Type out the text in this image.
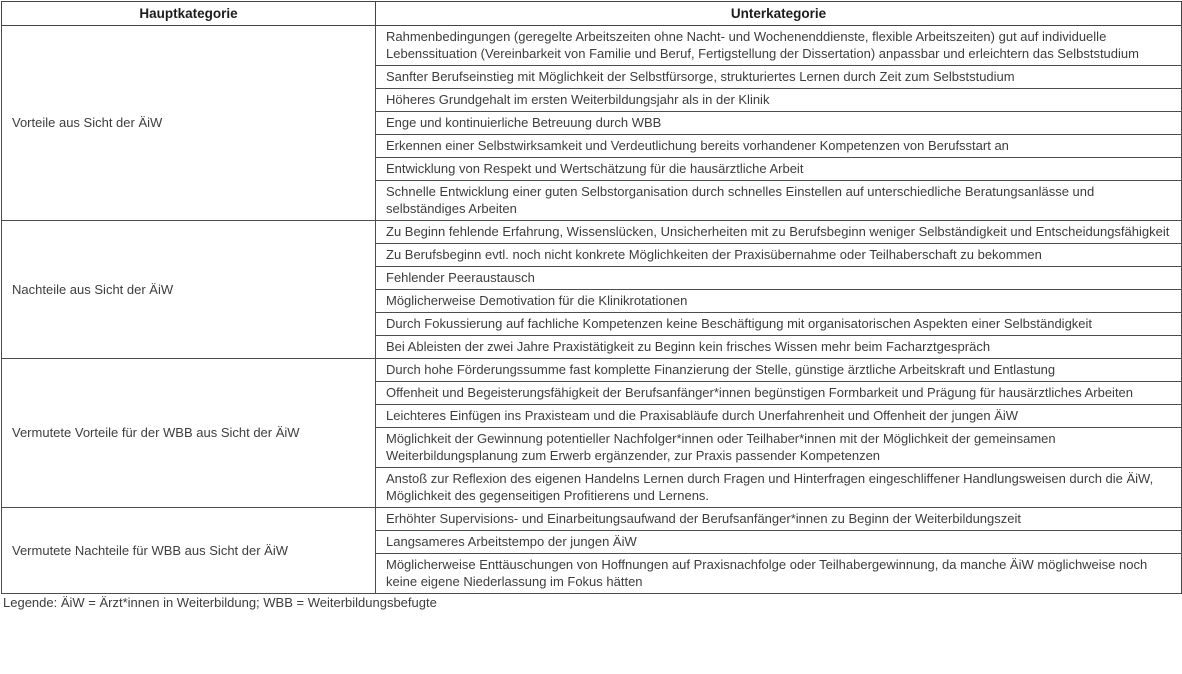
Hauptkategorie	Unterkategorie
Vorteile aus Sicht der ÄiW	Rahmenbedingungen (geregelte Arbeitszeiten ohne Nacht- und Wochenenddienste, flexible Arbeitszeiten) gut auf individuelle Lebenssituation (Vereinbarkeit von Familie und Beruf, Fertigstellung der Dissertation) anpassbar und erleichtern das Selbststudium
	Sanfter Berufseinstieg mit Möglichkeit der Selbstfürsorge, strukturiertes Lernen durch Zeit zum Selbststudium
	Höheres Grundgehalt im ersten Weiterbildungsjahr als in der Klinik
	Enge und kontinuierliche Betreuung durch WBB
	Erkennen einer Selbstwirksamkeit und Verdeutlichung bereits vorhandener Kompetenzen von Berufsstart an
	Entwicklung von Respekt und Wertschätzung für die hausärztliche Arbeit
	Schnelle Entwicklung einer guten Selbstorganisation durch schnelles Einstellen auf unterschiedliche Beratungsanlässe und selbständiges Arbeiten
Nachteile aus Sicht der ÄiW	Zu Beginn fehlende Erfahrung, Wissenslücken, Unsicherheiten mit zu Berufsbeginn weniger Selbständigkeit und Entscheidungsfähigkeit
	Zu Berufsbeginn evtl. noch nicht konkrete Möglichkeiten der Praxisübernahme oder Teilhaberschaft zu bekommen
	Fehlender Peeraustausch
	Möglicherweise Demotivation für die Klinikrotationen
	Durch Fokussierung auf fachliche Kompetenzen keine Beschäftigung mit organisatorischen Aspekten einer Selbständigkeit
	Bei Ableisten der zwei Jahre Praxistätigkeit zu Beginn kein frisches Wissen mehr beim Facharztgespräch
Vermutete Vorteile für der WBB aus Sicht der ÄiW	Durch hohe Förderungssumme fast komplette Finanzierung der Stelle, günstige ärztliche Arbeitskraft und Entlastung
	Offenheit und Begeisterungsfähigkeit der Berufsanfänger*innen begünstigen Formbarkeit und Prägung für hausärztliches Arbeiten
	Leichteres Einfügen ins Praxisteam und die Praxisabläufe durch Unerfahrenheit und Offenheit der jungen ÄiW
	Möglichkeit der Gewinnung potentieller Nachfolger*innen oder Teilhaber*innen mit der Möglichkeit der gemeinsamen Weiterbildungsplanung zum Erwerb ergänzender, zur Praxis passender Kompetenzen
	Anstoß zur Reflexion des eigenen Handelns Lernen durch Fragen und Hinterfragen eingeschliffener Handlungsweisen durch die ÄiW, Möglichkeit des gegenseitigen Profitierens und Lernens.
Vermutete Nachteile für WBB aus Sicht der ÄiW	Erhöhter Supervisions- und Einarbeitungsaufwand der Berufsanfänger*innen zu Beginn der Weiterbildungszeit
	Langsameres Arbeitstempo der jungen ÄiW
	Möglicherweise Enttäuschungen von Hoffnungen auf Praxisnachfolge oder Teilhabergewinnung, da manche ÄiW möglichweise noch keine eigene Niederlassung im Fokus hätten
Legende: ÄiW = Ärzt*innen in Weiterbildung; WBB = Weiterbildungsbefugte
